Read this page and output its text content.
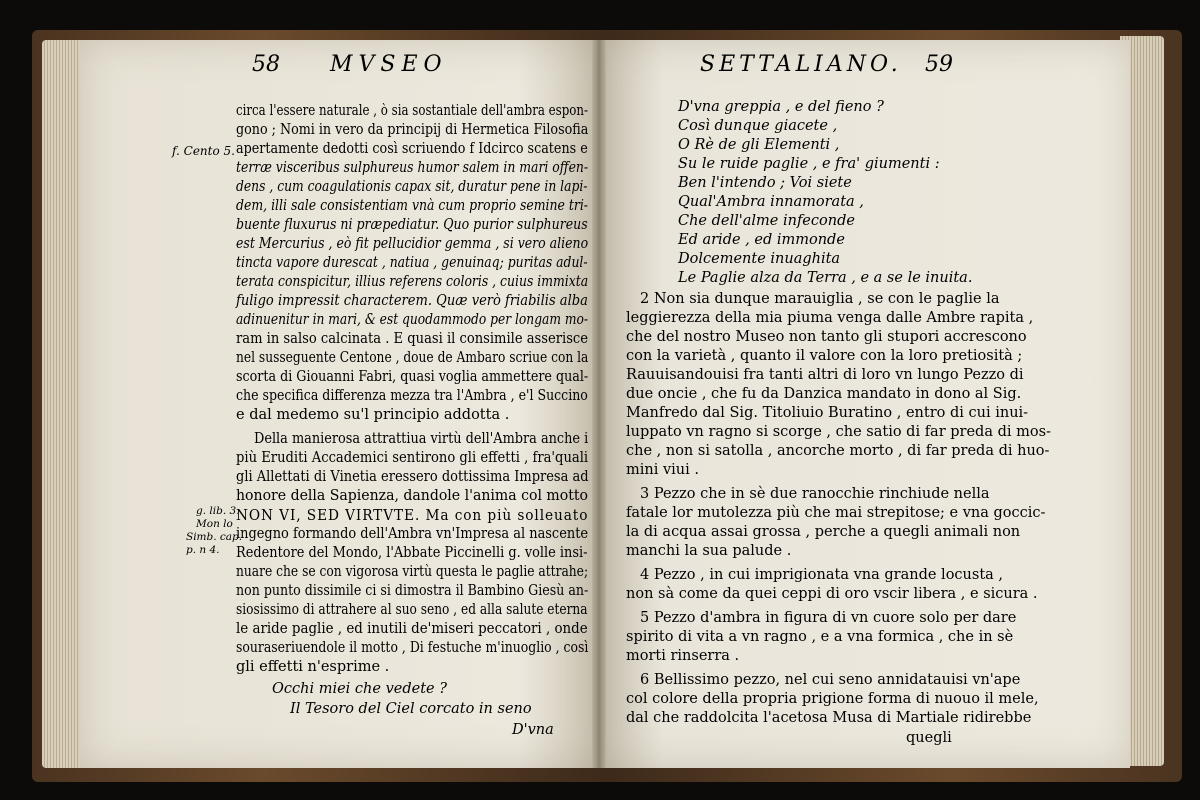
58 MVSEO	SETTALIANO. 59
f. Cento 5.
g. lib. 3.
Mon lo
Simb. cap.
p. n 4.
circa l'essere naturale , ò sia sostantiale dell'ambra espon-
gono ; Nomi in vero da principij di Hermetica Filosofia
apertamente dedotti così scriuendo f Idcirco scatens e
terræ visceribus sulphureus humor salem in mari offen-
dens , cum coagulationis capax sit, duratur pene in lapi-
dem, illi sale consistentiam vnà cum proprio semine tri-
buente fluxurus ni præpediatur. Quo purior sulphureus
est Mercurius , eò fit pellucidior gemma , si vero alieno
tincta vapore durescat , natiua , genuinaq; puritas adul-
terata conspicitur, illius referens coloris , cuius immixta
fuligo impressit characterem. Quæ verò friabilis alba
adinuenitur in mari, & est quodammodo per longam mo-
ram in salso calcinata . E quasi il consimile asserisce
nel susseguente Centone , doue de Ambaro scriue con la
scorta di Giouanni Fabri, quasi voglia ammettere qual-
che specifica differenza mezza tra l'Ambra , e'l Succino
e dal medemo su'l principio addotta .
Della manierosa attrattiua virtù dell'Ambra anche i
più Eruditi Accademici sentirono gli effetti , fra'quali
gli Allettati di Vinetia eressero dottissima Impresa ad
honore della Sapienza, dandole l'anima col motto
NON VI, SED VIRTVTE. Ma con più solleuato
ingegno formando dell'Ambra vn'Impresa al nascente
Redentore del Mondo, l'Abbate Piccinelli g. volle insi-
nuare che se con vigorosa virtù questa le paglie attrahe;
non punto dissimile ci si dimostra il Bambino Giesù an-
siosissimo di attrahere al suo seno , ed alla salute eterna
le aride paglie , ed inutili de'miseri peccatori , onde
souraseriuendole il motto , Di festuche m'inuoglio , così
gli effetti n'esprime .
Occhi miei che vedete ?
Il Tesoro del Ciel corcato in seno
D'vna
D'vna greppia , e del fieno ?
Così dunque giacete ,
O Rè de gli Elementi ,
Su le ruide paglie , e fra' giumenti :
Ben l'intendo ; Voi siete
Qual'Ambra innamorata ,
Che dell'alme infeconde
Ed aride , ed immonde
Dolcemente inuaghita
Le Paglie alza da Terra , e a se le inuita.
2 Non sia dunque marauiglia , se con le paglie la
leggierezza della mia piuma venga dalle Ambre rapita ,
che del nostro Museo non tanto gli stupori accrescono
con la varietà , quanto il valore con la loro pretiosità ;
Rauuisandouisi fra tanti altri di loro vn lungo Pezzo di
due oncie , che fu da Danzica mandato in dono al Sig.
Manfredo dal Sig. Titoliuio Buratino , entro di cui inui-
luppato vn ragno si scorge , che satio di far preda di mos-
che , non si satolla , ancorche morto , di far preda di huo-
mini viui .
3 Pezzo che in sè due ranocchie rinchiude nella
fatale lor mutolezza più che mai strepitose; e vna goccic-
la di acqua assai grossa , perche a quegli animali non
manchi la sua palude .
4 Pezzo , in cui imprigionata vna grande locusta ,
non sà come da quei ceppi di oro vscir libera , e sicura .
5 Pezzo d'ambra in figura di vn cuore solo per dare
spirito di vita a vn ragno , e a vna formica , che in sè
morti rinserra .
6 Bellissimo pezzo, nel cui seno annidatauisi vn'ape
col colore della propria prigione forma di nuouo il mele,
dal che raddolcita l'acetosa Musa di Martiale ridirebbe
quegli
